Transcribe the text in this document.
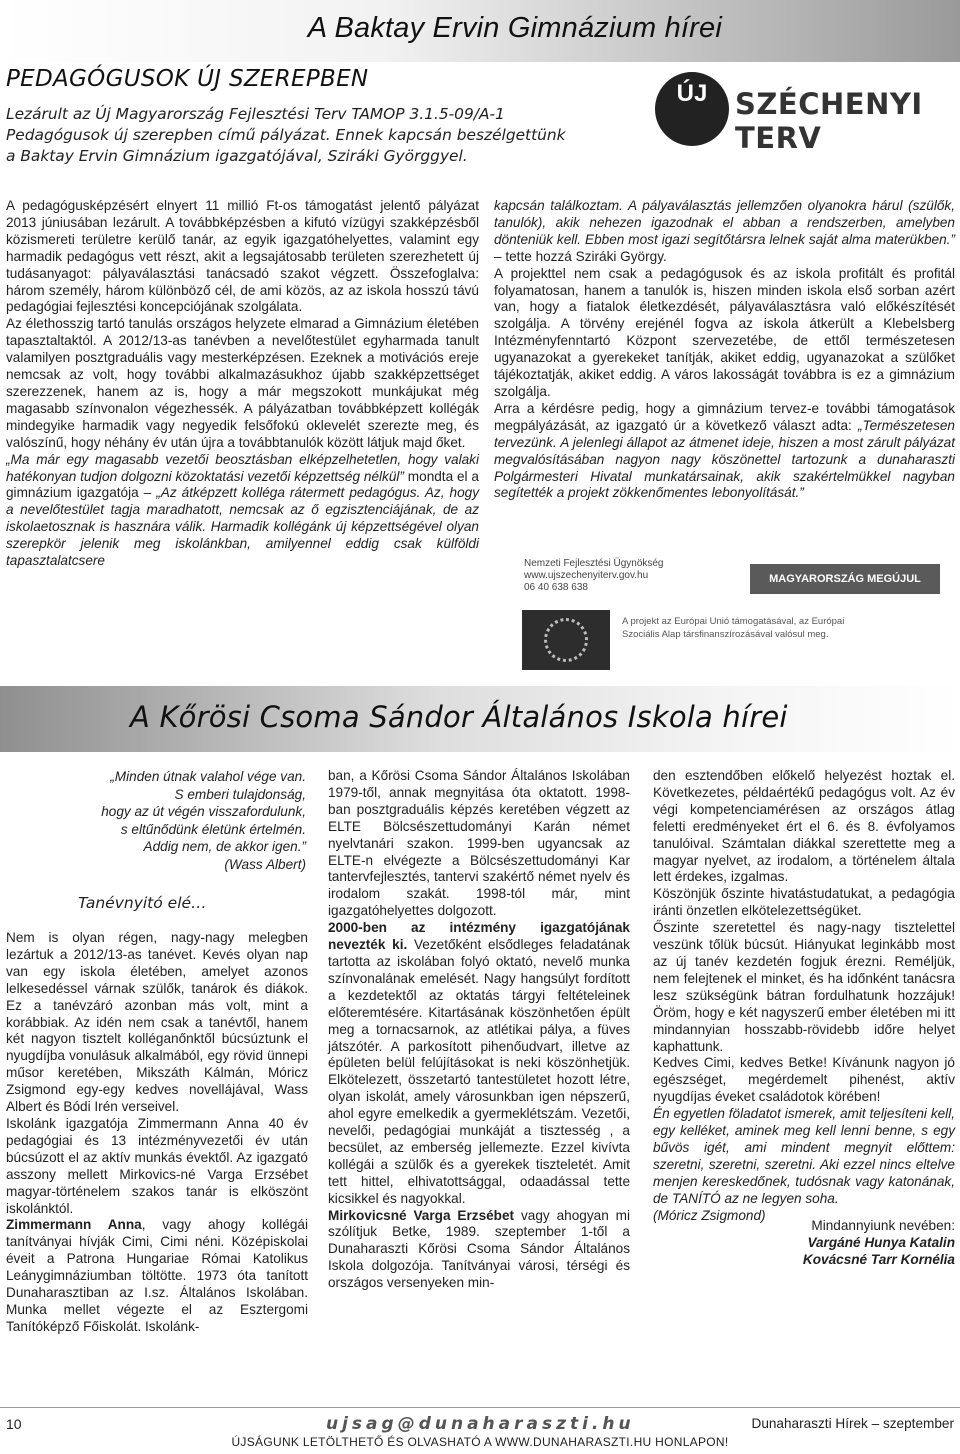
A Baktay Ervin Gimnázium hírei
PEDAGÓGUSOK ÚJ SZEREPBEN
Lezárult az Új Magyarország Fejlesztési Terv TAMOP 3.1.5-09/A-1
Pedagógusok új szerepben című pályázat. Ennek kapcsán beszélgettünk
a Baktay Ervin Gimnázium igazgatójával, Sziráki Györggyel.
ÚJ SZÉCHENYI TERV

A pedagógusképzésért elnyert 11 millió Ft-os támogatást jelentő pályázat 2013 júniusában lezárult. A továbbképzésben a kifutó vízügyi szakképzésből közismereti területre kerülő tanár, az egyik igazgatóhelyettes, valamint egy harmadik pedagógus vett részt, akit a legsajátosabb területen szerezhetett új tudásanyagot: pályaválasztási tanácsadó szakot végzett. Összefoglalva: három személy, három különböző cél, de ami közös, az az iskola hosszú távú pedagógiai fejlesztési koncepciójának szolgálata.

Az élethosszig tartó tanulás országos helyzete elmarad a Gimnázium életében tapasztaltaktól. A 2012/13-as tanévben a nevelőtestület egyharmada tanult valamilyen posztgraduális vagy mesterképzésen. Ezeknek a motivációs ereje nemcsak az volt, hogy további alkalmazásukhoz újabb szakképzettséget szerezzenek, hanem az is, hogy a már megszokott munkájukat még magasabb színvonalon végezhessék. A pályázatban továbbképzett kollégák mindegyike harmadik vagy negyedik felsőfokú oklevelét szerezte meg, és valószínű, hogy néhány év után újra a továbbtanulók között látjuk majd őket.

„Ma már egy magasabb vezetői beosztásban elképzelhetetlen, hogy valaki hatékonyan tudjon dolgozni közoktatási vezetői képzettség nélkül” mondta el a gimnázium igazgatója – „Az átképzett kollégа rátermett pedagógus. Az, hogy a nevelőtestület tagja maradhatott, nemcsak az ő egzisztenciájának, de az iskolaetosznak is hasznára válik. Harmadik kollégánk új képzettségével olyan szerepkör jelenik meg iskolánkban, amilyennel eddig csak külföldi tapasztalatcsere

kapcsán találkoztam. A pályaválasztás jellemzően olyanokra hárul (szülők, tanulók), akik nehezen igazodnak el abban a rendszerben, amelyben dönteniük kell. Ebben most igazi segítőtársra lelnek saját alma materükben.” – tette hozzá Sziráki György.

A projekttel nem csak a pedagógusok és az iskola profitált és profitál folyamatosan, hanem a tanulók is, hiszen minden iskola első sorban azért van, hogy a fiatalok életkezdését, pályaválasztásra való előkészítését szolgálja. A törvény erejénél fogva az iskola átkerült a Klebelsberg Intézményfenntartó Központ szervezetébe, de ettől természetesen ugyanazokat a gyerekeket tanítják, akiket eddig, ugyanazokat a szülőket tájékoztatják, akiket eddig. A város lakosságát továbbra is ez a gimnázium szolgálja.

Arra a kérdésre pedig, hogy a gimnázium tervez-e további támogatások megpályázását, az igazgató úr a következő választ adta: „Természetesen tervezünk. A jelenlegi állapot az átmenet ideje, hiszen a most zárult pályázat megvalósításában nagyon nagy köszönettel tartozunk a dunaharaszti Polgármesteri Hivatal munkatársainak, akik szakértelmükkel nagyban segítették a projekt zökkenőmentes lebonyolítását.”

Nemzeti Fejlesztési Ügynökség
www.ujszechenyiterv.gov.hu
06 40 638 638
MAGYARORSZÁG MEGÚJUL
A projekt az Európai Unió támogatásával, az Európai
Szociális Alap társfinanszírozásával valósul meg.
A Kőrösi Csoma Sándor Általános Iskola hírei
„Minden útnak valahol vége van.
S emberi tulajdonság,
hogy az út végén visszafordulunk,
s eltűnődünk életünk értelmén.
Addig nem, de akkor igen.”
(Wass Albert)
Tanévnyitó elé…

Nem is olyan régen, nagy-nagy melegben lezártuk a 2012/13-as tanévet. Kevés olyan nap van egy iskola életében, amelyet azonos lelkesedéssel várnak szülők, tanárok és diákok. Ez a tanévzáró azonban más volt, mint a korábbiak. Az idén nem csak a tanévtől, hanem két nagyon tisztelt kolléganőnktől búcsúztunk el nyugdíjba vonulásuk alkalmából, egy rövid ünnepi műsor keretében, Mikszáth Kálmán, Móricz Zsigmond egy-egy kedves novellájával, Wass Albert és Bódi Irén verseivel.

Iskolánk igazgatója Zimmermann Anna 40 év pedagógiai és 13 intézményvezetői év után búcsúzott el az aktív munkás évektől. Az igazgató asszony mellett Mirkovics-né Varga Erzsébet magyar-történelem szakos tanár is elköszönt iskolánktól.

Zimmermann Anna, vagy ahogy kollégái tanítványai hívják Cimi, Cimi néni. Középiskolai éveit a Patrona Hungariae Római Katolikus Leánygimnáziumban töltötte. 1973 óta tanított Dunaharasztiban az I.sz. Általános Iskolában. Munka mellet végezte el az Esztergomi Tanítóképző Főiskolát. Iskolánk-

ban, a Kőrösi Csoma Sándor Általános Iskolában 1979-től, annak megnyitása óta oktatott. 1998-ban posztgraduális képzés keretében végzett az ELTE Bölcsészettudományi Karán német nyelvtanári szakon. 1999-ben ugyancsak az ELTE-n elvégezte a Bölcsészettudományi Kar tantervfejlesztés, tantervi szakértő német nyelv és irodalom szakát. 1998-tól már, mint igazgatóhelyettes dolgozott.

2000-ben az intézmény igazgatójának nevezték ki. Vezetőként elsődleges feladatának tartotta az iskolában folyó oktató, nevelő munka színvonalának emelését. Nagy hangsúlyt fordított a kezdetektől az oktatás tárgyi feltételeinek előteremtésére. Kitartásának köszönhetően épült meg a tornacsarnok, az atlétikai pálya, a füves játszótér. A parkosított pihenőudvart, illetve az épületen belül felújításokat is neki köszönhetjük. Elkötelezett, összetartó tantestületet hozott létre, olyan iskolát, amely városunkban igen népszerű, ahol egyre emelkedik a gyermeklétszám. Vezetői, nevelői, pedagógiai munkáját a tisztesség , a becsület, az emberség jellemezte. Ezzel kivívta kollégái a szülők és a gyerekek tiszteletét. Amit tett hittel, elhivatottsággal, odaadással tette kicsikkel és nagyokkal.

Mirkovicsné Varga Erzsébet vagy ahogyan mi szólítjuk Betke, 1989. szeptember 1-től a Dunaharaszti Kőrösi Csoma Sándor Általános Iskola dolgozója. Tanítványai városi, térségi és országos versenyeken min-

den esztendőben előkelő helyezést hoztak el. Következetes, példaértékű pedagógus volt. Az év végi kompetenciamérésen az országos átlag feletti eredményeket ért el 6. és 8. évfolyamos tanulóival. Számtalan diákkal szerettette meg a magyar nyelvet, az irodalom, a történelem általa lett érdekes, izgalmas.

Köszönjük őszinte hivatástudatukat, a pedagógia iránti önzetlen elkötelezettségüket.

Őszinte szeretettel és nagy-nagy tisztelettel veszünk tőlük búcsút. Hiányukat leginkább most az új tanév kezdetén fogjuk érezni. Reméljük, nem felejtenek el minket, és ha időnként tanácsra lesz szükségünk bátran fordulhatunk hozzájuk! Öröm, hogy e két nagyszerű ember életében mi itt mindannyian hosszabb-rövidebb időre helyet kaphattunk.

Kedves Cimi, kedves Betke! Kívánunk nagyon jó egészséget, megérdemelt pihenést, aktív nyugdíjas éveket családotok körében!

Én egyetlen föladatot ismerek, amit teljesíteni kell, egy kelléket, aminek meg kell lenni benne, s egy bűvös igét, ami mindent megnyit előttem: szeretni, szeretni, szeretni. Aki ezzel nincs eltelve menjen kereskedőnek, tudósnak vagy katonának, de TANÍTÓ az ne legyen soha.

(Móricz Zsigmond)

Mindannyiunk nevében:
Vargáné Hunya Katalin
Kovácsné Tarr Kornélia
10	ujsag@dunaharaszti.hu	Dunaharaszti Hírek – szeptember
ÚJSÁGUNK LETÖLTHETŐ ÉS OLVASHATÓ A WWW.DUNAHARASZTI.HU HONLAPON!
